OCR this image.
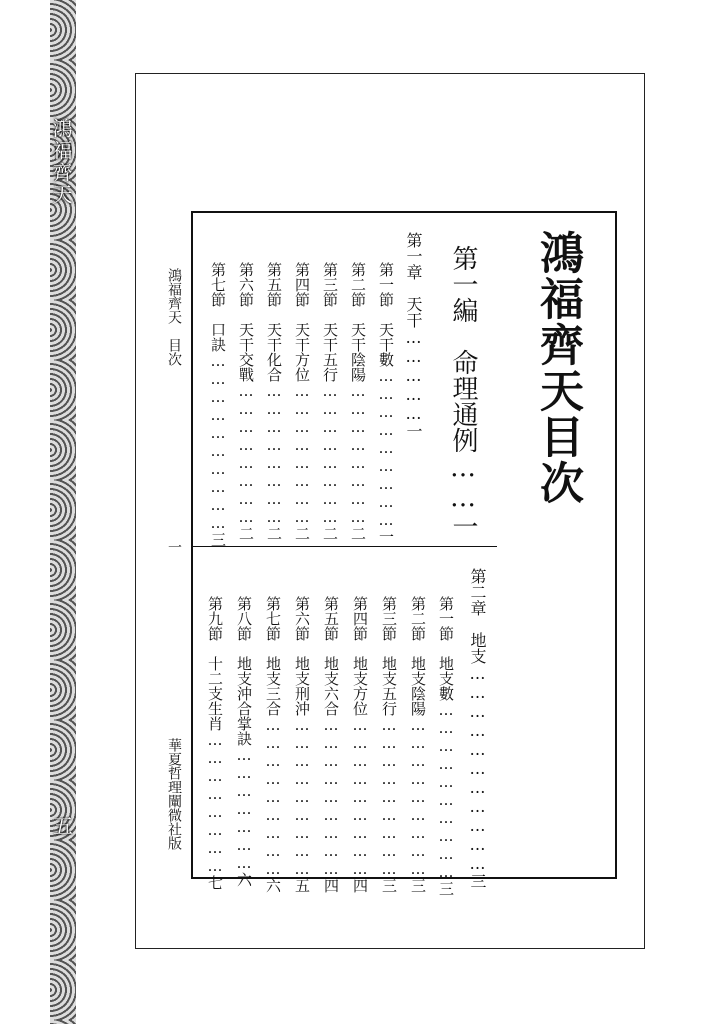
鴻福齊天
五
鴻福齊天目次
第一編　命理通例……一
第一章　天干……………一
第一節　天干數………………………一
第二節　天干陰陽……………………二
第三節　天干五行……………………二
第四節　天干方位……………………二
第五節　天干化合……………………二
第六節　天干交戰……………………二
第七節　口訣…………………………三
第二章　地支……………………………三
第一節　地支數…………………………三
第二節　地支陰陽………………………三
第三節　地支五行………………………三
第四節　地支方位………………………四
第五節　地支六合………………………四
第六節　地支刑沖………………………五
第七節　地支三合………………………六
第八節　地支沖合掌訣…………………六
第九節　十二支生肖……………………七
鴻福齊天　目次
一
華夏哲理闡微社版
